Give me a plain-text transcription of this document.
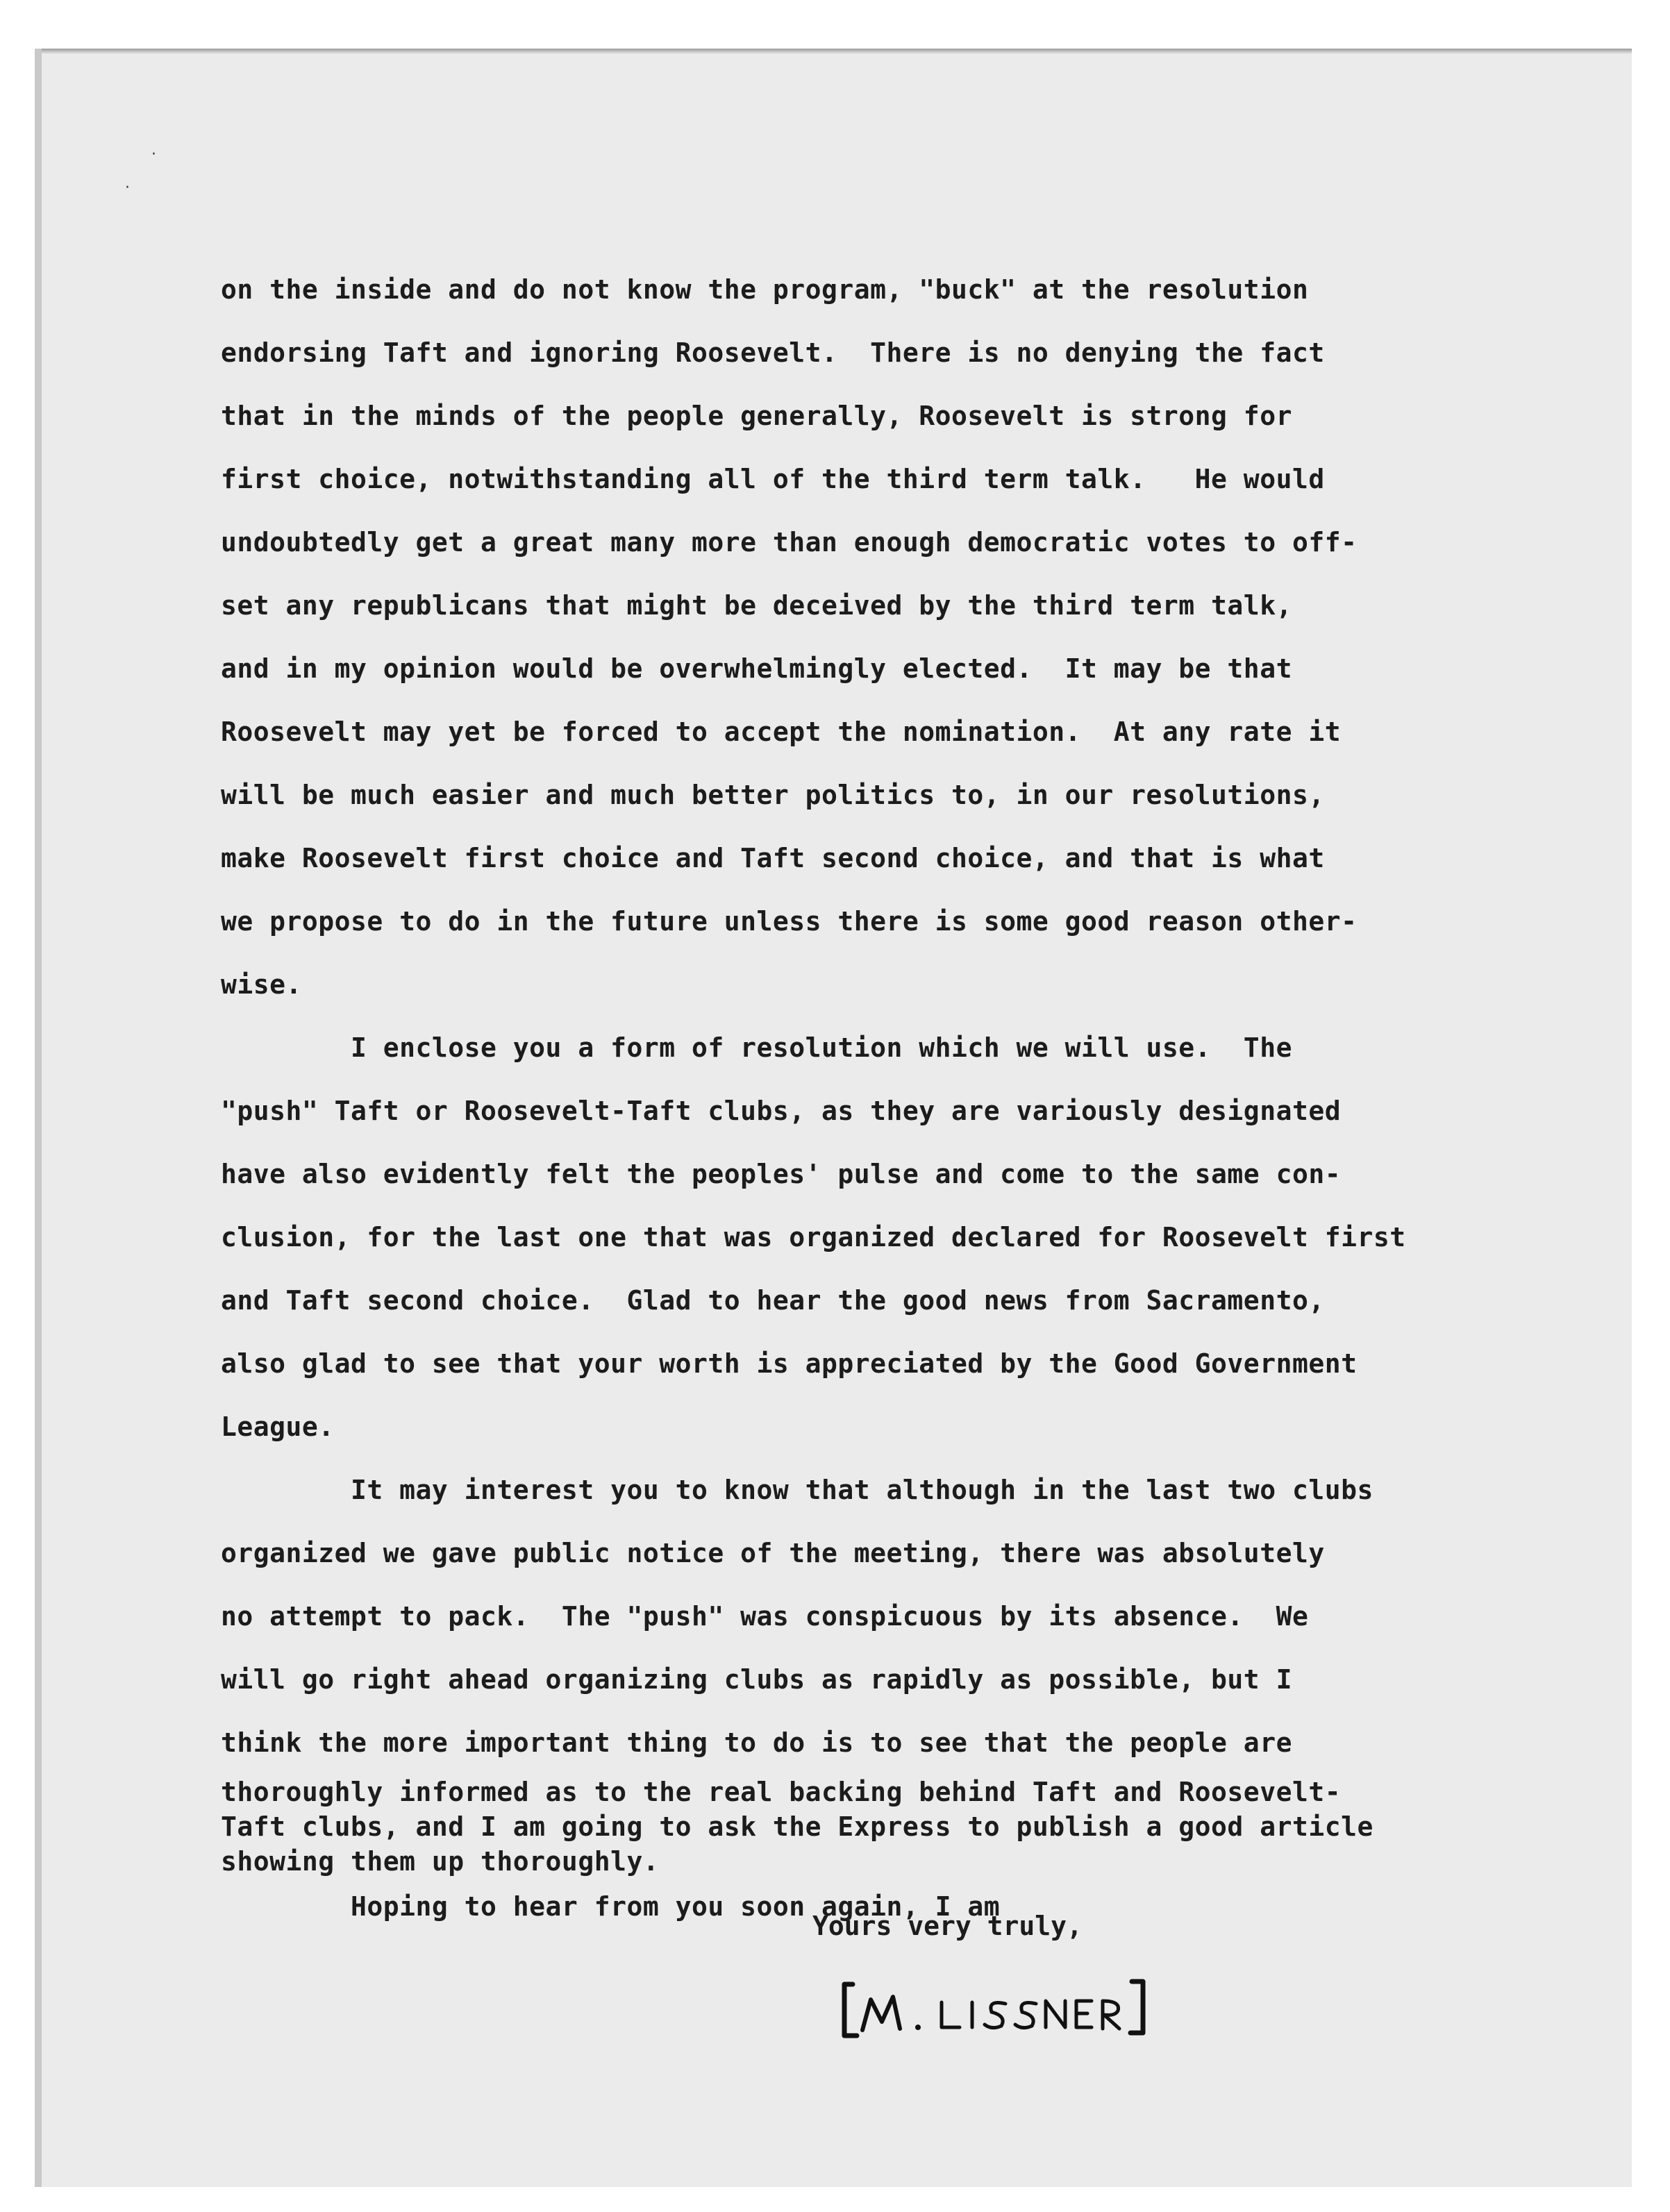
·
·
on the inside and do not know the program, "buck" at the resolution
endorsing Taft and ignoring Roosevelt.  There is no denying the fact
that in the minds of the people generally, Roosevelt is strong for
first choice, notwithstanding all of the third term talk.   He would
undoubtedly get a great many more than enough democratic votes to off-
set any republicans that might be deceived by the third term talk,
and in my opinion would be overwhelmingly elected.  It may be that
Roosevelt may yet be forced to accept the nomination.  At any rate it
will be much easier and much better politics to, in our resolutions,
make Roosevelt first choice and Taft second choice, and that is what
we propose to do in the future unless there is some good reason other-
wise.
I enclose you a form of resolution which we will use.  The
"push" Taft or Roosevelt-Taft clubs, as they are variously designated
have also evidently felt the peoples' pulse and come to the same con-
clusion, for the last one that was organized declared for Roosevelt first
and Taft second choice.  Glad to hear the good news from Sacramento,
also glad to see that your worth is appreciated by the Good Government
League.
It may interest you to know that although in the last two clubs
organized we gave public notice of the meeting, there was absolutely
no attempt to pack.  The "push" was conspicuous by its absence.  We
will go right ahead organizing clubs as rapidly as possible, but I
think the more important thing to do is to see that the people are
thoroughly informed as to the real backing behind Taft and Roosevelt-
Taft clubs, and I am going to ask the Express to publish a good article
showing them up thoroughly.
Hoping to hear from you soon again, I am
Yours very truly,
